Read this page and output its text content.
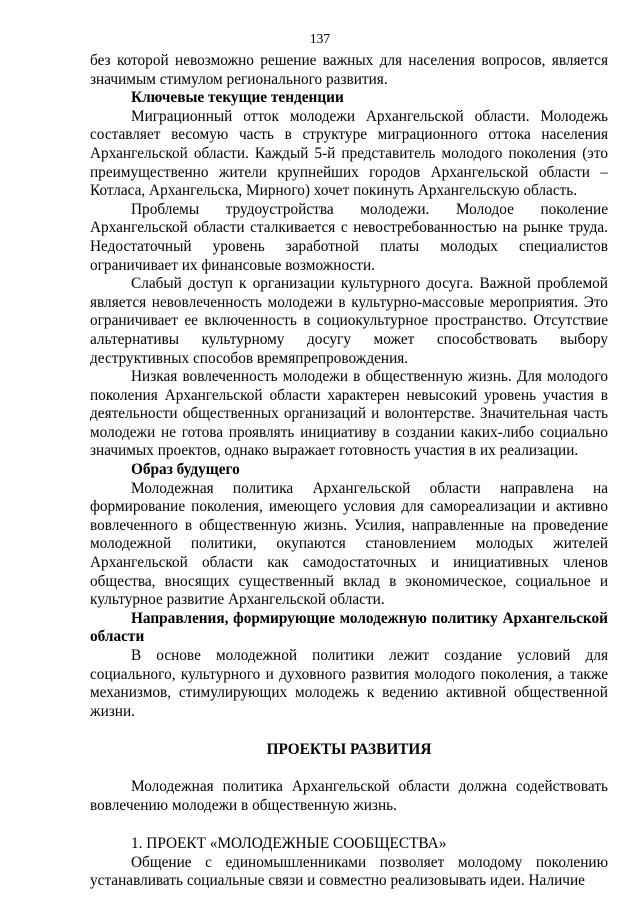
137

без которой невозможно решение важных для населения вопросов, является значимым стимулом регионального развития.

Ключевые текущие тенденции

Миграционный отток молодежи Архангельской области. Молодежь составляет весомую часть в структуре миграционного оттока населения Архангельской области. Каждый 5-й представитель молодого поколения (это преимущественно жители крупнейших городов Архангельской области – Котласа, Архангельска, Мирного) хочет покинуть Архангельскую область.

Проблемы трудоустройства молодежи. Молодое поколение Архангельской области сталкивается с невостребованностью на рынке труда. Недостаточный уровень заработной платы молодых специалистов ограничивает их финансовые возможности.

Слабый доступ к организации культурного досуга. Важной проблемой является невовлеченность молодежи в культурно-массовые мероприятия. Это ограничивает ее включенность в социокультурное пространство. Отсутствие альтернативы культурному досугу может способствовать выбору деструктивных способов времяпрепровождения.

Низкая вовлеченность молодежи в общественную жизнь. Для молодого поколения Архангельской области характерен невысокий уровень участия в деятельности общественных организаций и волонтерстве. Значительная часть молодежи не готова проявлять инициативу в создании каких-либо социально значимых проектов, однако выражает готовность участия в их реализации.

Образ будущего

Молодежная политика Архангельской области направлена на формирование поколения, имеющего условия для самореализации и активно вовлеченного в общественную жизнь. Усилия, направленные на проведение молодежной политики, окупаются становлением молодых жителей Архангельской области как самодостаточных и инициативных членов общества, вносящих существенный вклад в экономическое, социальное и культурное развитие Архангельской области.

Направления, формирующие молодежную политику Архангельской области

В основе молодежной политики лежит создание условий для социального, культурного и духовного развития молодого поколения, а также механизмов, стимулирующих молодежь к ведению активной общественной жизни.

ПРОЕКТЫ РАЗВИТИЯ

Молодежная политика Архангельской области должна содействовать вовлечению молодежи в общественную жизнь.

1. ПРОЕКТ «МОЛОДЕЖНЫЕ СООБЩЕСТВА»

Общение с единомышленниками позволяет молодому поколению устанавливать социальные связи и совместно реализовывать идеи. Наличие
